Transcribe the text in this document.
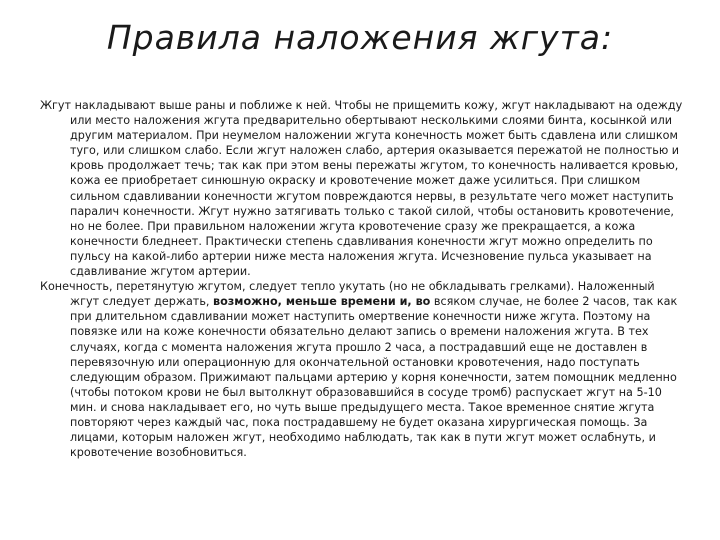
Правила наложения жгута:

Жгут накладывают выше раны и поближе к ней. Чтобы не прищемить кожу, жгут накладывают на одежду или место наложения жгута предварительно обертывают несколькими слоями бинта, косынкой или другим материалом. При неумелом наложении жгута конечность может быть сдавлена или слишком туго, или слишком слабо. Если жгут наложен слабо, артерия оказывается пережатой не полностью и кровь продолжает течь; так как при этом вены пережаты жгутом, то конечность наливается кровью, кожа ее приобретает синюшную окраску и кровотечение может даже усилиться. При слишком сильном сдавливании конечности жгутом повреждаются нервы, в результате чего может наступить паралич конечности. Жгут нужно затягивать только с такой силой, чтобы остановить кровотечение, но не более. При правильном наложении жгута кровотечение сразу же прекращается, а кожа конечности бледнеет. Практически степень сдавливания конечности жгут можно определить по пульсу на какой-либо артерии ниже места наложения жгута. Исчезновение пульса указывает на сдавливание жгутом артерии.

Конечность, перетянутую жгутом, следует тепло укутать (но не обкладывать грелками). Наложенный жгут следует держать, возможно, меньше времени и, во всяком случае, не более 2 часов, так как при длительном сдавливании может наступить омертвение конечности ниже жгута. Поэтому на повязке или на коже конечности обязательно делают запись о времени наложения жгута. В тех случаях, когда с момента наложения жгута прошло 2 часа, а пострадавший еще не доставлен в перевязочную или операционную для окончательной остановки кровотечения, надо поступать следующим образом. Прижимают пальцами артерию у корня конечности, затем помощник медленно (чтобы потоком крови не был вытолкнут образовавшийся в сосуде тромб) распускает жгут на 5-10 мин. и снова накладывает его, но чуть выше предыдущего места. Такое временное снятие жгута повторяют через каждый час, пока пострадавшему не будет оказана хирургическая помощь. За лицами, которым наложен жгут, необходимо наблюдать, так как в пути жгут может ослабнуть, и кровотечение возобновиться.
